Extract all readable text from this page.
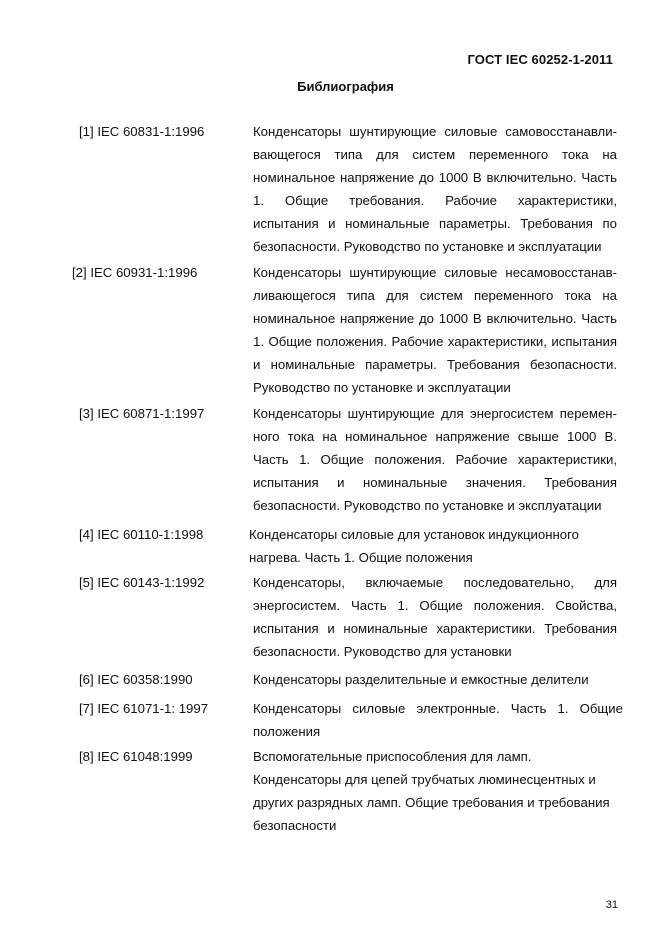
ГОСТ IEC 60252-1-2011
Библиография
[1] IEC 60831-1:1996	Конденсаторы шунтирующие силовые самовосстанавливающегося типа для систем переменного тока на номинальное напряжение до 1000 В включительно. Часть 1. Общие требования. Рабочие характеристики, испытания и номинальные параметры. Требования по безопасности. Руководство по установке и эксплуатации
[2] IEC 60931-1:1996	Конденсаторы шунтирующие силовые несамовосстанавливающегося типа для систем переменного тока на номинальное напряжение до 1000 В включительно. Часть 1. Общие положения. Рабочие характеристики, испытания и номинальные параметры. Требования безопасности. Руководство по установке и эксплуатации
[3] IEC 60871-1:1997	Конденсаторы шунтирующие для энергосистем переменного тока на номинальное напряжение свыше 1000 В. Часть 1. Общие положения. Рабочие характеристики, испытания и номинальные значения. Требования безопасности. Руководство по установке и эксплуатации
[4] IEC 60110-1:1998	Конденсаторы силовые для установок индукционного нагрева. Часть 1. Общие положения
[5] IEC 60143-1:1992	Конденсаторы, включаемые последовательно, для энергосистем. Часть 1. Общие положения. Свойства, испытания и номинальные характеристики. Требования безопасности. Руководство для установки
[6] IEC 60358:1990	Конденсаторы разделительные и емкостные делители
[7] IEC 61071-1: 1997	Конденсаторы силовые электронные. Часть 1. Общие положения
[8] IEC 61048:1999	Вспомогательные приспособления для ламп. Конденсаторы для цепей трубчатых люминесцентных и других разрядных ламп. Общие требования и требования безопасности
31
